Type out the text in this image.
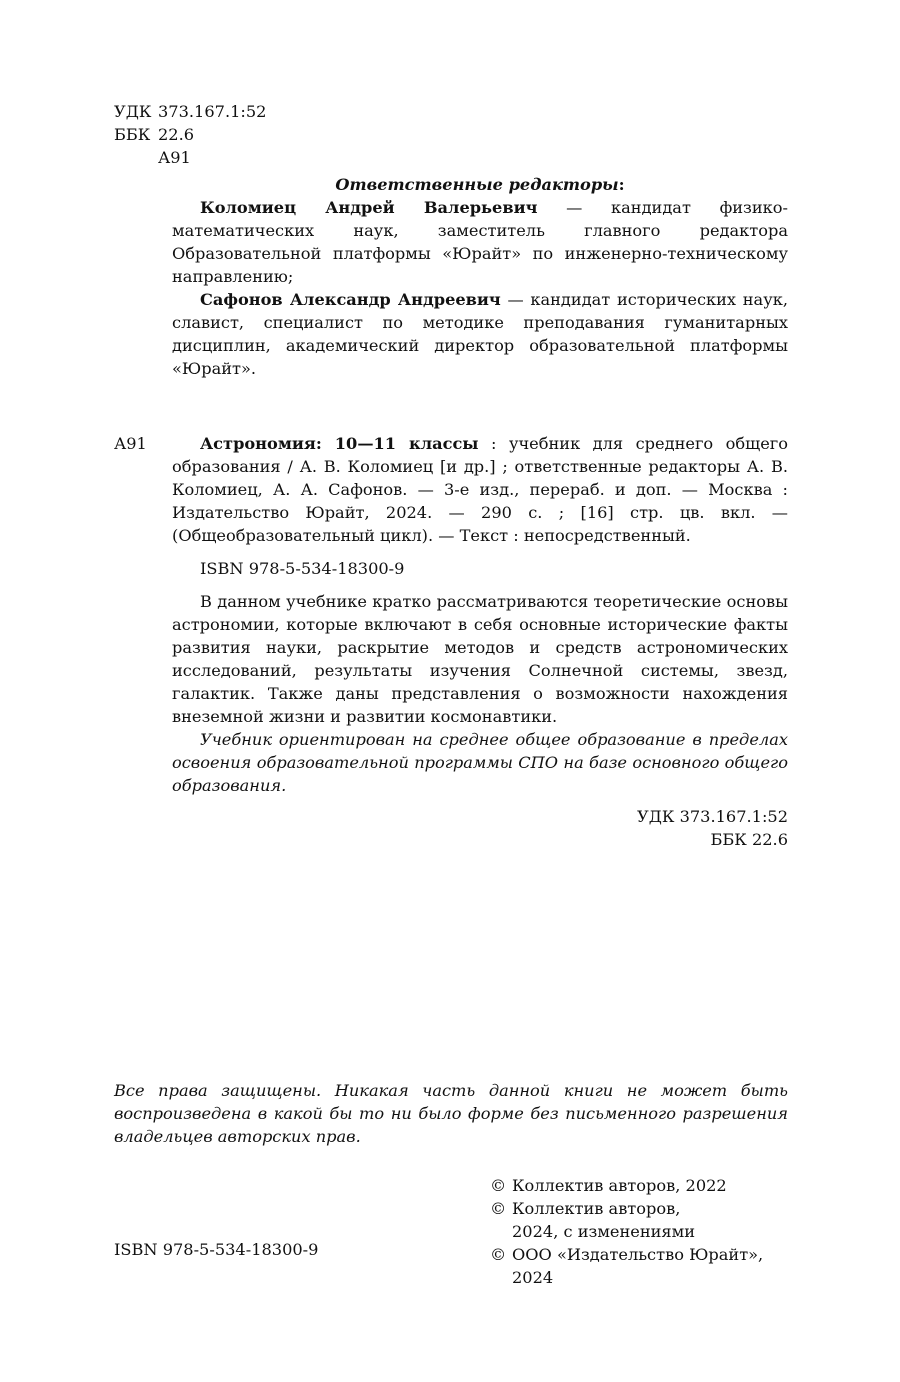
УДК	373.167.1:52
ББК	22.6
	А91

Ответственные редакторы:

Коломиец Андрей Валерьевич — кандидат физико-математических наук, заместитель главного редактора Образовательной платформы «Юрайт» по инженерно-техническому направлению;

Сафонов Александр Андреевич — кандидат исторических наук, славист, специалист по методике преподавания гуманитарных дисциплин, академический директор образовательной платформы «Юрайт».

А91	Астрономия: 10—11 классы : учебник для среднего общего образования / А. В. Коломиец [и др.] ; ответственные редакторы А. В. Коломиец, А. А. Сафонов. — 3-е изд., перераб. и доп. — Москва : Издательство Юрайт, 2024. — 290 с. ; [16] стр. цв. вкл. — (Общеобразовательный цикл). — Текст : непосредственный.

ISBN 978-5-534-18300-9

В данном учебнике кратко рассматриваются теоретические основы астрономии, которые включают в себя основные исторические факты развития науки, раскрытие методов и средств астрономических исследований, результаты изучения Солнечной системы, звезд, галактик. Также даны представления о возможности нахождения внеземной жизни и развитии космонавтики.

Учебник ориентирован на среднее общее образование в пределах освоения образовательной программы СПО на базе основного общего образования.

УДК 373.167.1:52

ББК 22.6

Все права защищены. Никакая часть данной книги не может быть воспроизведена в какой бы то ни было форме без письменного разрешения владельцев авторских прав.

©	Коллектив авторов, 2022
©	Коллектив авторов, 2024, с изменениями
©	ООО «Издательство Юрайт», 2024
ISBN 978-5-534-18300-9
